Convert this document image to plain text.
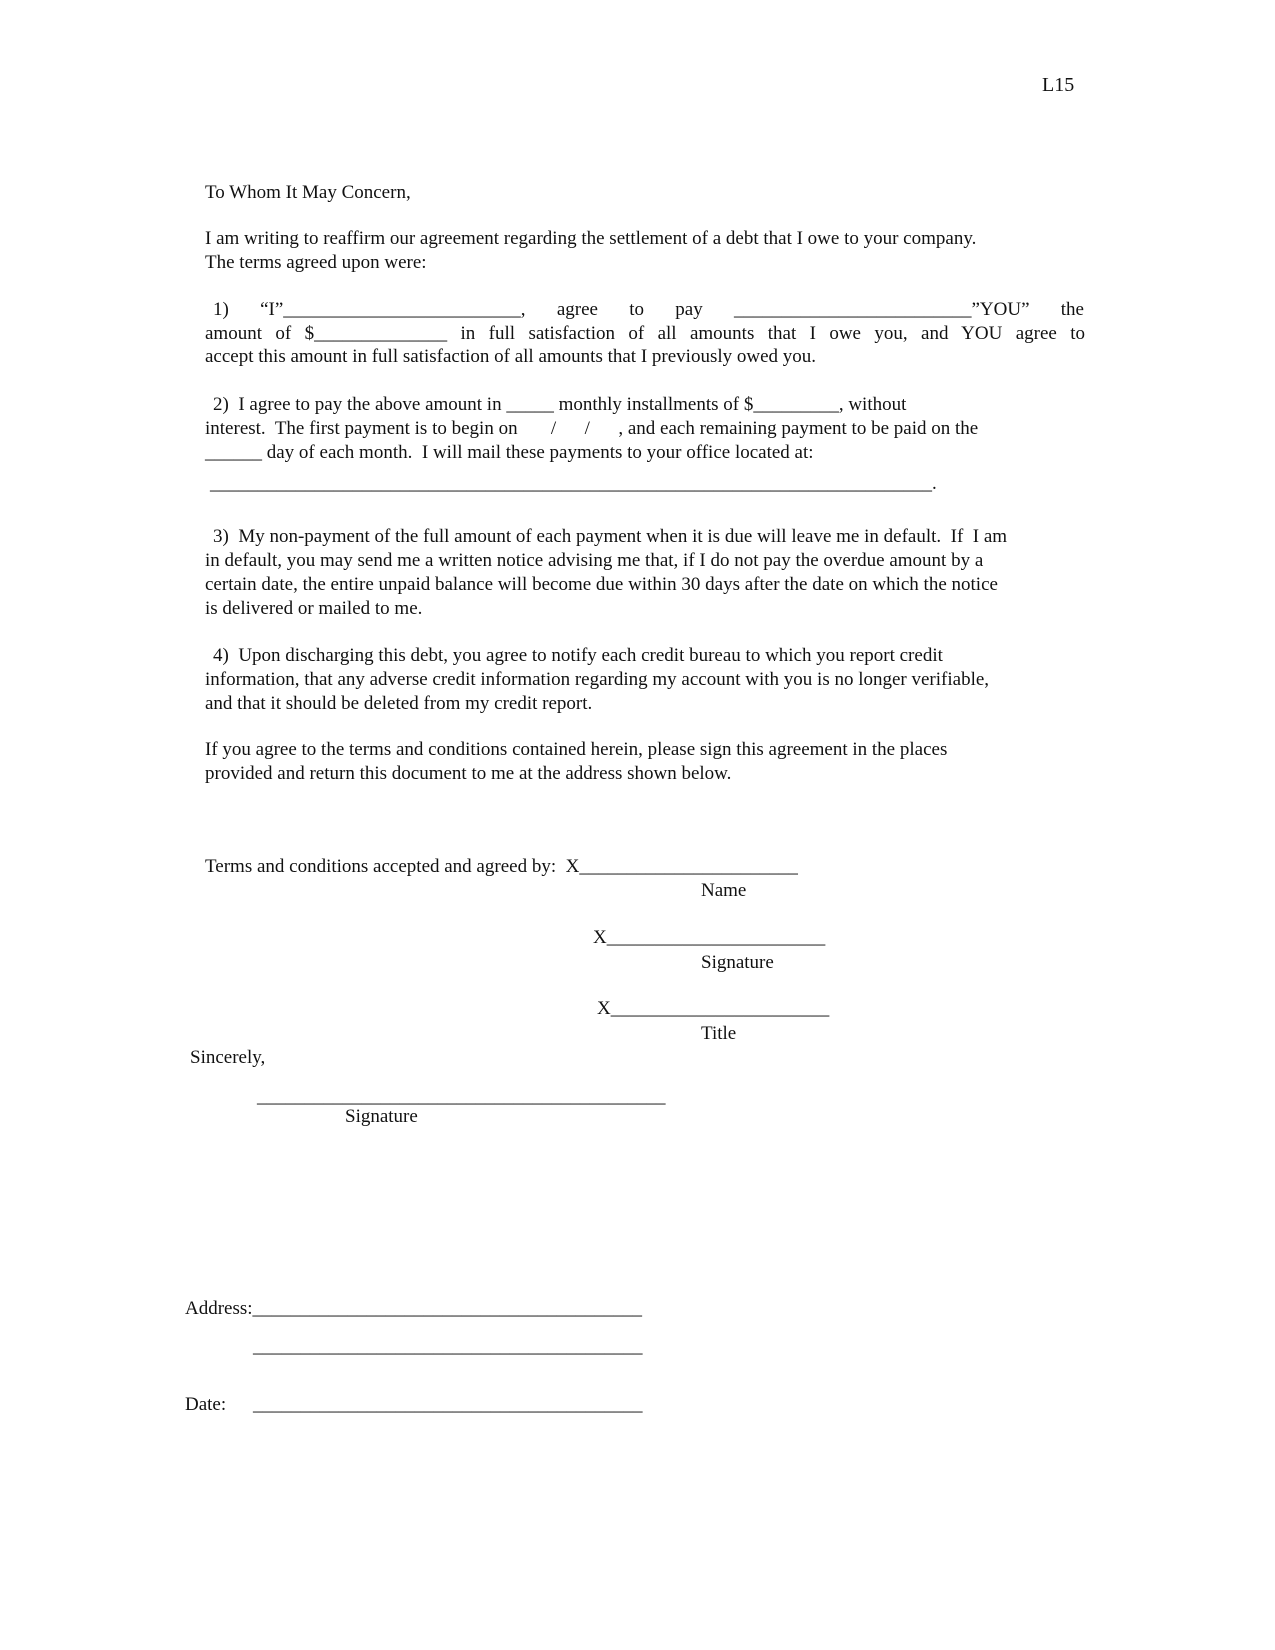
L15
To Whom It May Concern,
I am writing to reaffirm our agreement regarding the settlement of a debt that I owe to your company.
The terms agreed upon were:
1) “I”_________________________, agree to pay _________________________”YOU” the
amount of $______________ in full satisfaction of all amounts that I owe you, and YOU agree to
accept this amount in full satisfaction of all amounts that I previously owed you.
2)  I agree to pay the above amount in _____ monthly installments of $_________, without
interest.  The first payment is to begin on       /      /      , and each remaining payment to be paid on the
______ day of each month.  I will mail these payments to your office located at:
____________________________________________________________________________.
3)  My non-payment of the full amount of each payment when it is due will leave me in default.  If  I am
in default, you may send me a written notice advising me that, if I do not pay the overdue amount by a
certain date, the entire unpaid balance will become due within 30 days after the date on which the notice
is delivered or mailed to me.
4)  Upon discharging this debt, you agree to notify each credit bureau to which you report credit
information, that any adverse credit information regarding my account with you is no longer verifiable,
and that it should be deleted from my credit report.
If you agree to the terms and conditions contained herein, please sign this agreement in the places
provided and return this document to me at the address shown below.
Terms and conditions accepted and agreed by:  X_______________________
Name
X_______________________
Signature
X_______________________
Title
Sincerely,
___________________________________________
Signature
Address:_________________________________________
_________________________________________
Date: _________________________________________
